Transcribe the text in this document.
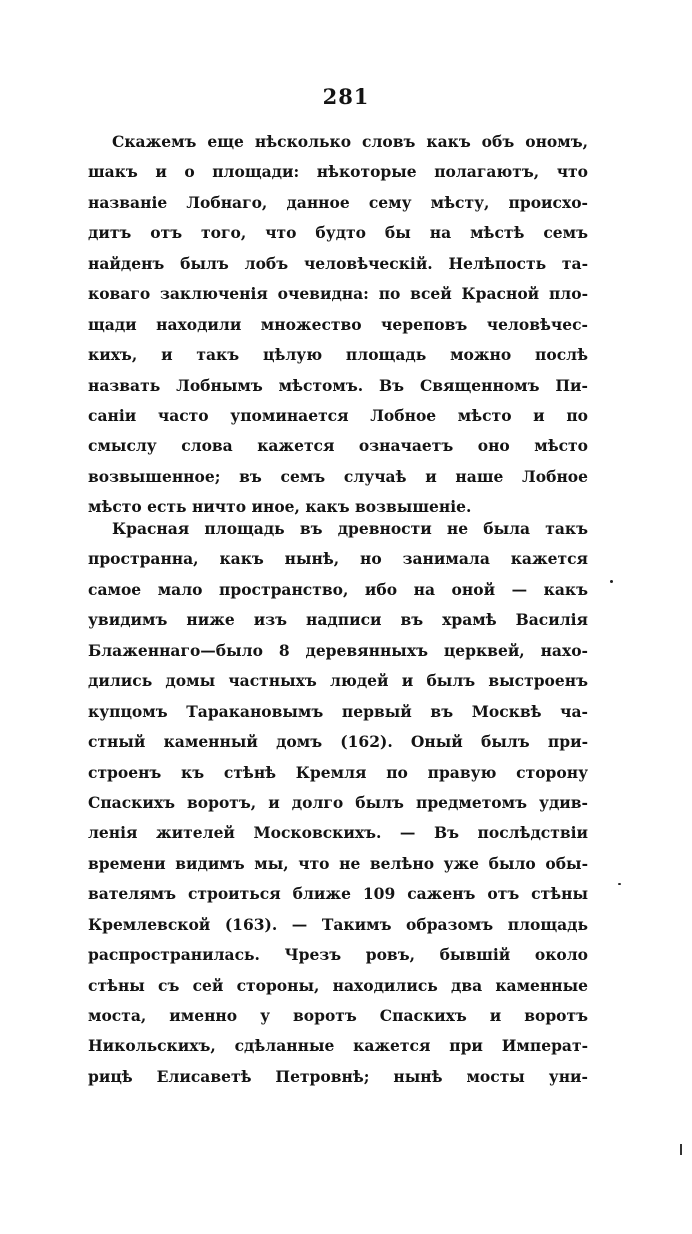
281
Скажемъ еще нѣсколько словъ какъ объ ономъ,
шакъ и о площади: нѣкоторые полагаютъ, что
названіе Лобнаго, данное сему мѣсту, происхо-
дитъ отъ того, что будто бы на мѣстѣ семъ
найденъ былъ лобъ человѣческій. Нелѣпость та-
коваго заключенія очевидна: по всей Красной пло-
щади находили множество череповъ человѣчес-
кихъ, и такъ цѣлую площадь можно послѣ
назвать Лобнымъ мѣстомъ. Въ Священномъ Пи-
саніи часто упоминается Лобное мѣсто и по
смыслу слова кажется означаетъ оно мѣсто
возвышенное; въ семъ случаѣ и наше Лобное
мѣсто есть ничто иное, какъ возвышеніе.
Красная площадь въ древности не была такъ
пространна, какъ нынѣ, но занимала кажется
самое мало пространство, ибо на оной — какъ
увидимъ ниже изъ надписи въ храмѣ Василія
Блаженнаго—было 8 деревянныхъ церквей, нахо-
дились домы частныхъ людей и былъ выстроенъ
купцомъ Таракановымъ первый въ Москвѣ ча-
стный каменный домъ (162). Оный былъ при-
строенъ къ стѣнѣ Кремля по правую сторону
Спаскихъ воротъ, и долго былъ предметомъ удив-
ленія жителей Московскихъ. — Въ послѣдствіи
времени видимъ мы, что не велѣно уже было обы-
вателямъ строиться ближе 109 саженъ отъ стѣны
Кремлевской (163). — Такимъ образомъ площадь
распространилась. Чрезъ ровъ, бывшій около
стѣны съ сей стороны, находились два каменные
моста, именно у воротъ Спаскихъ и воротъ
Никольскихъ, сдѣланные кажется при Императ-
рицѣ Елисаветѣ Петровнѣ; нынѣ мосты уни-
